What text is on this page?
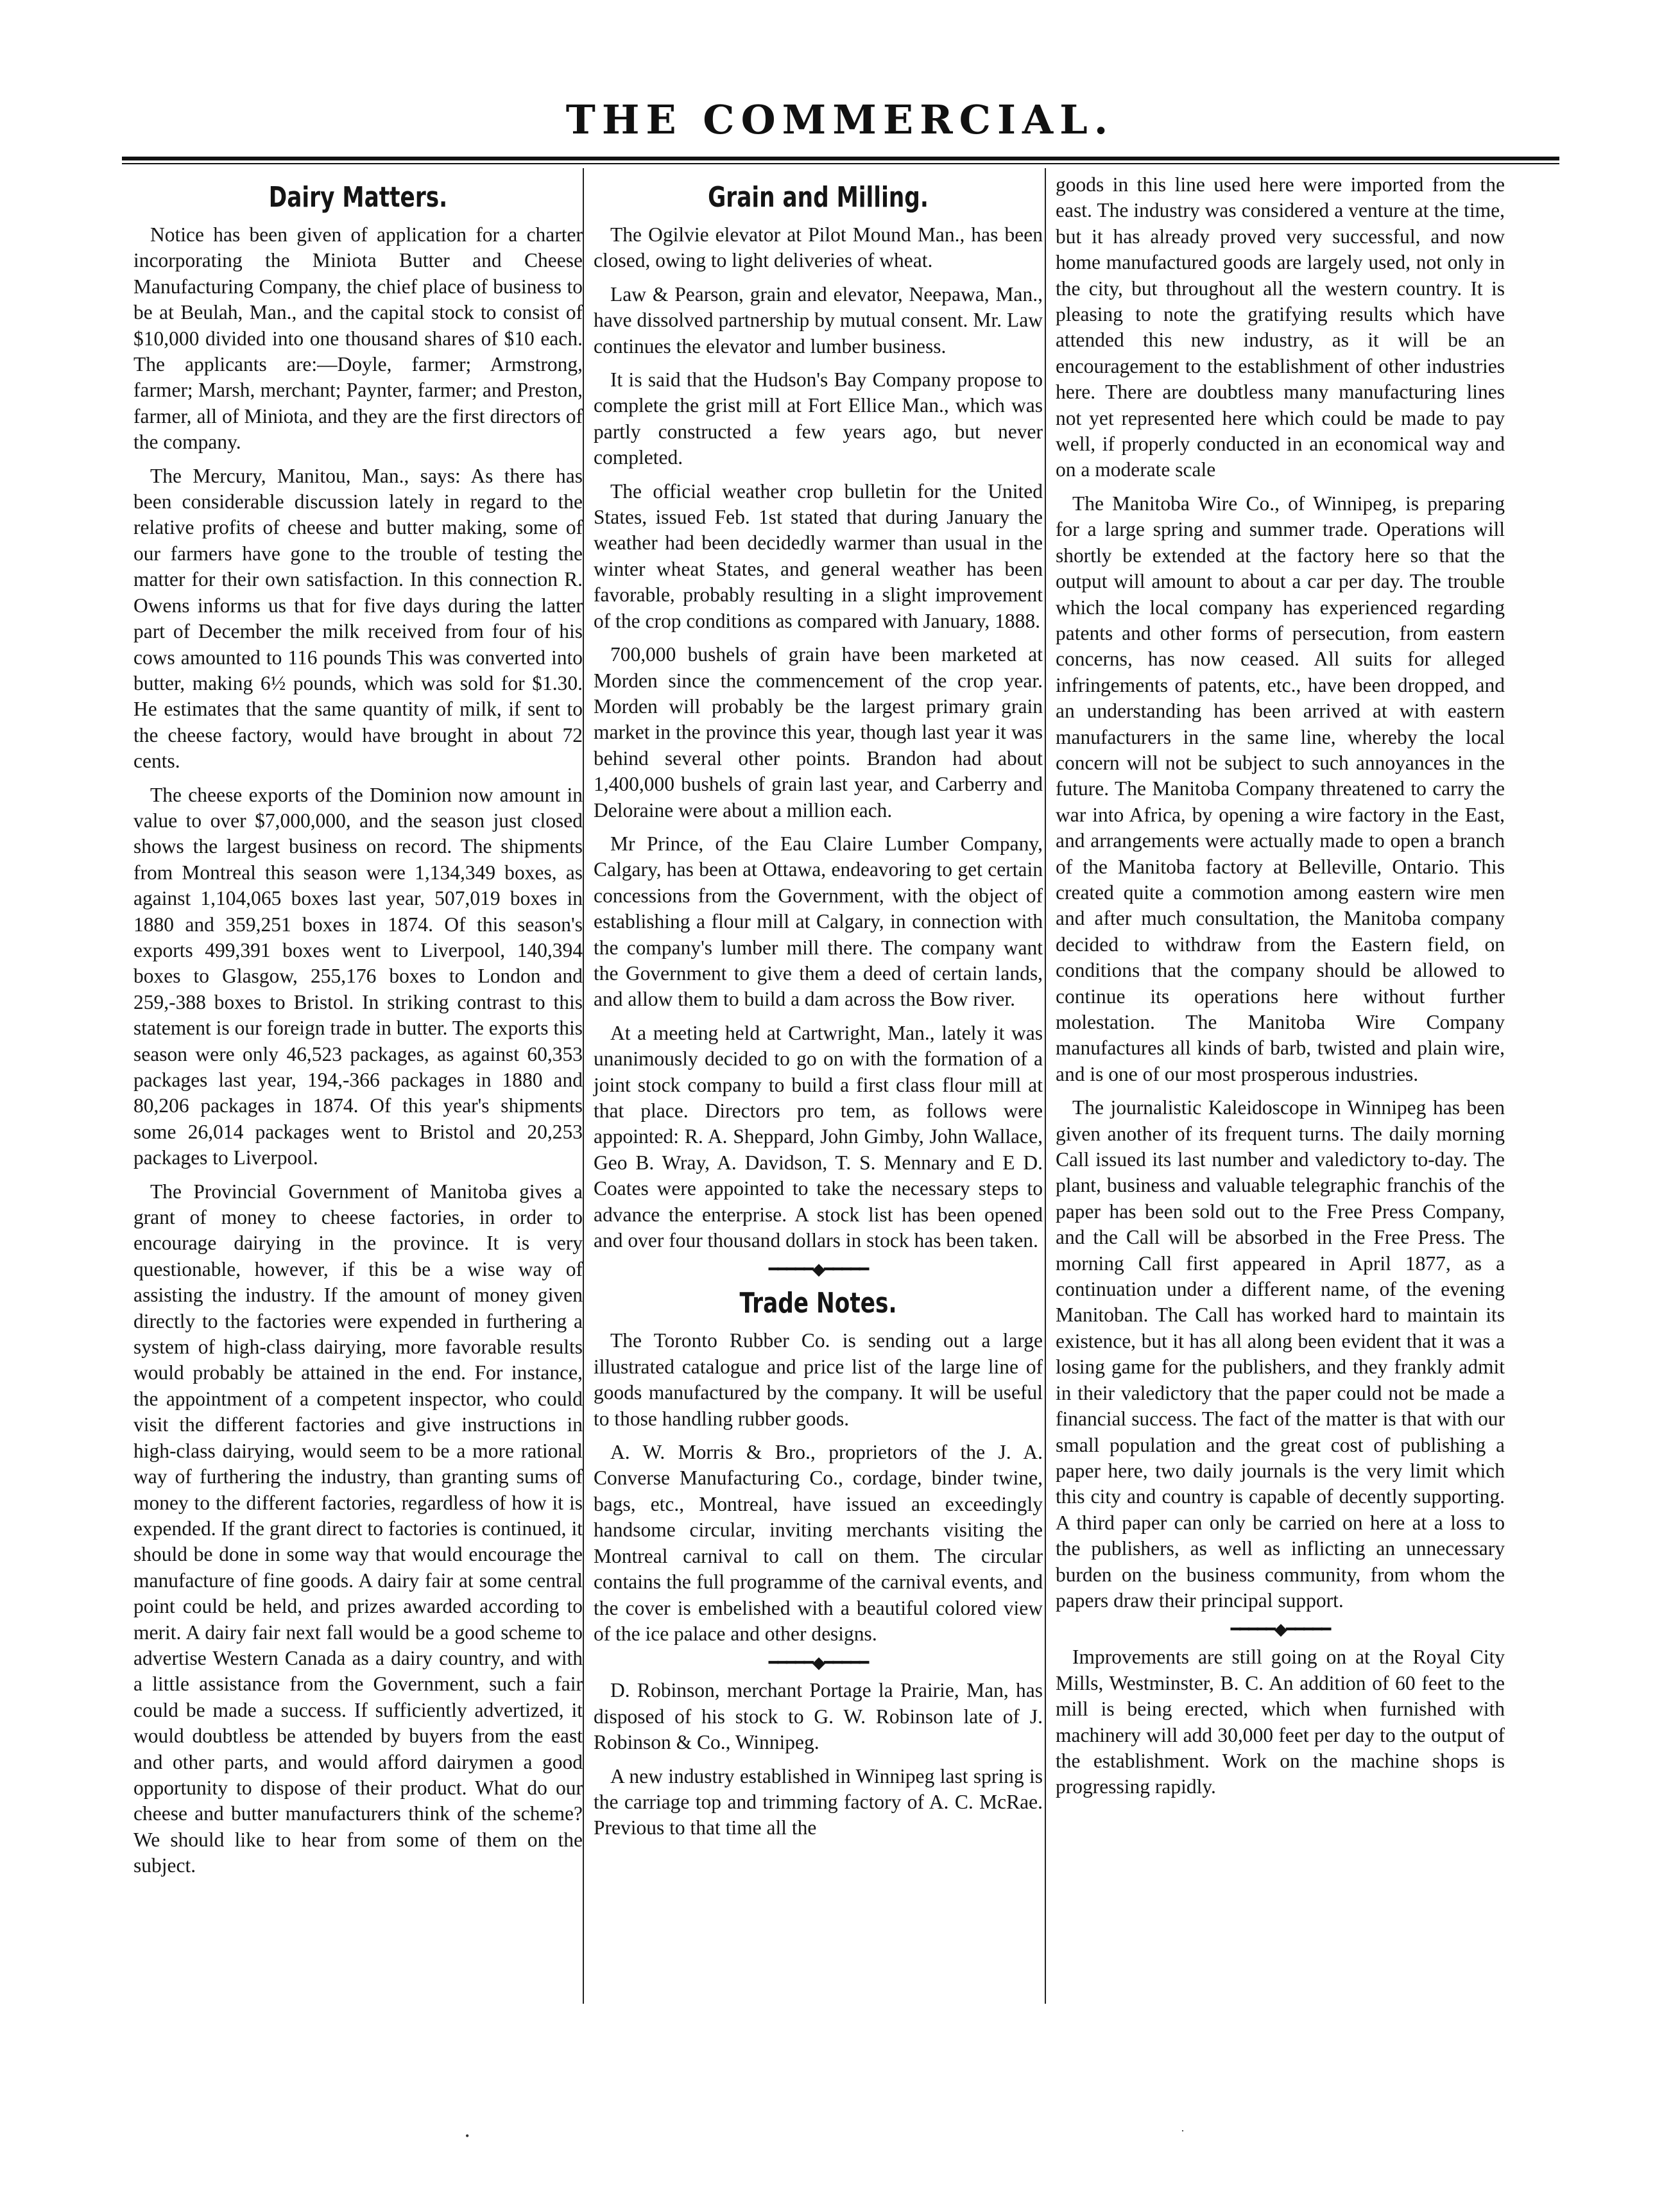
THE COMMERCIAL.
Dairy Matters.

Notice has been given of application for a charter incorporating the Miniota Butter and Cheese Manufacturing Company, the chief place of business to be at Beulah, Man., and the capital stock to consist of $10,000 divided into one thousand shares of $10 each. The applicants are:—Doyle, farmer; Armstrong, farmer; Marsh, merchant; Paynter, farmer; and Preston, farmer, all of Miniota, and they are the first directors of the company.

The Mercury, Manitou, Man., says: As there has been considerable discussion lately in regard to the relative profits of cheese and butter making, some of our farmers have gone to the trouble of testing the matter for their own satisfaction. In this connection R. Owens informs us that for five days during the latter part of December the milk received from four of his cows amounted to 116 pounds This was converted into butter, making 6½ pounds, which was sold for $1.30. He estimates that the same quantity of milk, if sent to the cheese factory, would have brought in about 72 cents.

The cheese exports of the Dominion now amount in value to over $7,000,000, and the season just closed shows the largest business on record. The shipments from Montreal this season were 1,134,349 boxes, as against 1,104,065 boxes last year, 507,019 boxes in 1880 and 359,251 boxes in 1874. Of this season's exports 499,391 boxes went to Liverpool, 140,394 boxes to Glasgow, 255,176 boxes to London and 259,-388 boxes to Bristol. In striking contrast to this statement is our foreign trade in butter. The exports this season were only 46,523 packages, as against 60,353 packages last year, 194,-366 packages in 1880 and 80,206 packages in 1874. Of this year's shipments some 26,014 packages went to Bristol and 20,253 packages to Liverpool.

The Provincial Government of Manitoba gives a grant of money to cheese factories, in order to encourage dairying in the province. It is very questionable, however, if this be a wise way of assisting the industry. If the amount of money given directly to the factories were expended in furthering a system of high-class dairying, more favorable results would probably be attained in the end. For instance, the appointment of a competent inspector, who could visit the different factories and give instructions in high-class dairying, would seem to be a more rational way of furthering the industry, than granting sums of money to the different factories, regardless of how it is expended. If the grant direct to factories is continued, it should be done in some way that would encourage the manufacture of fine goods. A dairy fair at some central point could be held, and prizes awarded according to merit. A dairy fair next fall would be a good scheme to advertise Western Canada as a dairy country, and with a little assistance from the Government, such a fair could be made a success. If sufficiently advertized, it would doubtless be attended by buyers from the east and other parts, and would afford dairymen a good opportunity to dispose of their product. What do our cheese and butter manufacturers think of the scheme? We should like to hear from some of them on the subject.

Grain and Milling.

The Ogilvie elevator at Pilot Mound Man., has been closed, owing to light deliveries of wheat.

Law & Pearson, grain and elevator, Neepawa, Man., have dissolved partnership by mutual consent. Mr. Law continues the elevator and lumber business.

It is said that the Hudson's Bay Company propose to complete the grist mill at Fort Ellice Man., which was partly constructed a few years ago, but never completed.

The official weather crop bulletin for the United States, issued Feb. 1st stated that during January the weather had been decidedly warmer than usual in the winter wheat States, and general weather has been favorable, probably resulting in a slight improvement of the crop conditions as compared with January, 1888.

700,000 bushels of grain have been marketed at Morden since the commencement of the crop year. Morden will probably be the largest primary grain market in the province this year, though last year it was behind several other points. Brandon had about 1,400,000 bushels of grain last year, and Carberry and Deloraine were about a million each.

Mr Prince, of the Eau Claire Lumber Company, Calgary, has been at Ottawa, endeavoring to get certain concessions from the Government, with the object of establishing a flour mill at Calgary, in connection with the company's lumber mill there. The company want the Government to give them a deed of certain lands, and allow them to build a dam across the Bow river.

At a meeting held at Cartwright, Man., lately it was unanimously decided to go on with the formation of a joint stock company to build a first class flour mill at that place. Directors pro tem, as follows were appointed: R. A. Sheppard, John Gimby, John Wallace, Geo B. Wray, A. Davidson, T. S. Mennary and E D. Coates were appointed to take the necessary steps to advance the enterprise. A stock list has been opened and over four thousand dollars in stock has been taken.

━━━━━◆━━━━━
Trade Notes.

The Toronto Rubber Co. is sending out a large illustrated catalogue and price list of the large line of goods manufactured by the company. It will be useful to those handling rubber goods.

A. W. Morris & Bro., proprietors of the J. A. Converse Manufacturing Co., cordage, binder twine, bags, etc., Montreal, have issued an exceedingly handsome circular, inviting merchants visiting the Montreal carnival to call on them. The circular contains the full programme of the carnival events, and the cover is embelished with a beautiful colored view of the ice palace and other designs.

━━━━━◆━━━━━

D. Robinson, merchant Portage la Prairie, Man, has disposed of his stock to G. W. Robinson late of J. Robinson & Co., Winnipeg.

A new industry established in Winnipeg last spring is the carriage top and trimming factory of A. C. McRae. Previous to that time all the

goods in this line used here were imported from the east. The industry was considered a venture at the time, but it has already proved very successful, and now home manufactured goods are largely used, not only in the city, but throughout all the western country. It is pleasing to note the gratifying results which have attended this new industry, as it will be an encouragement to the establishment of other industries here. There are doubtless many manufacturing lines not yet represented here which could be made to pay well, if properly conducted in an economical way and on a moderate scale

The Manitoba Wire Co., of Winnipeg, is preparing for a large spring and summer trade. Operations will shortly be extended at the factory here so that the output will amount to about a car per day. The trouble which the local company has experienced regarding patents and other forms of persecution, from eastern concerns, has now ceased. All suits for alleged infringements of patents, etc., have been dropped, and an understanding has been arrived at with eastern manufacturers in the same line, whereby the local concern will not be subject to such annoyances in the future. The Manitoba Company threatened to carry the war into Africa, by opening a wire factory in the East, and arrangements were actually made to open a branch of the Manitoba factory at Belleville, Ontario. This created quite a commotion among eastern wire men and after much consultation, the Manitoba company decided to withdraw from the Eastern field, on conditions that the company should be allowed to continue its operations here without further molestation. The Manitoba Wire Company manufactures all kinds of barb, twisted and plain wire, and is one of our most prosperous industries.

The journalistic Kaleidoscope in Winnipeg has been given another of its frequent turns. The daily morning Call issued its last number and valedictory to-day. The plant, business and valuable telegraphic franchis of the paper has been sold out to the Free Press Company, and the Call will be absorbed in the Free Press. The morning Call first appeared in April 1877, as a continuation under a different name, of the evening Manitoban. The Call has worked hard to maintain its existence, but it has all along been evident that it was a losing game for the publishers, and they frankly admit in their valedictory that the paper could not be made a financial success. The fact of the matter is that with our small population and the great cost of publishing a paper here, two daily journals is the very limit which this city and country is capable of decently supporting. A third paper can only be carried on here at a loss to the publishers, as well as inflicting an unnecessary burden on the business community, from whom the papers draw their principal support.

━━━━━◆━━━━━

Improvements are still going on at the Royal City Mills, Westminster, B. C. An addition of 60 feet to the mill is being erected, which when furnished with machinery will add 30,000 feet per day to the output of the establishment. Work on the machine shops is progressing rapidly.

•	·
